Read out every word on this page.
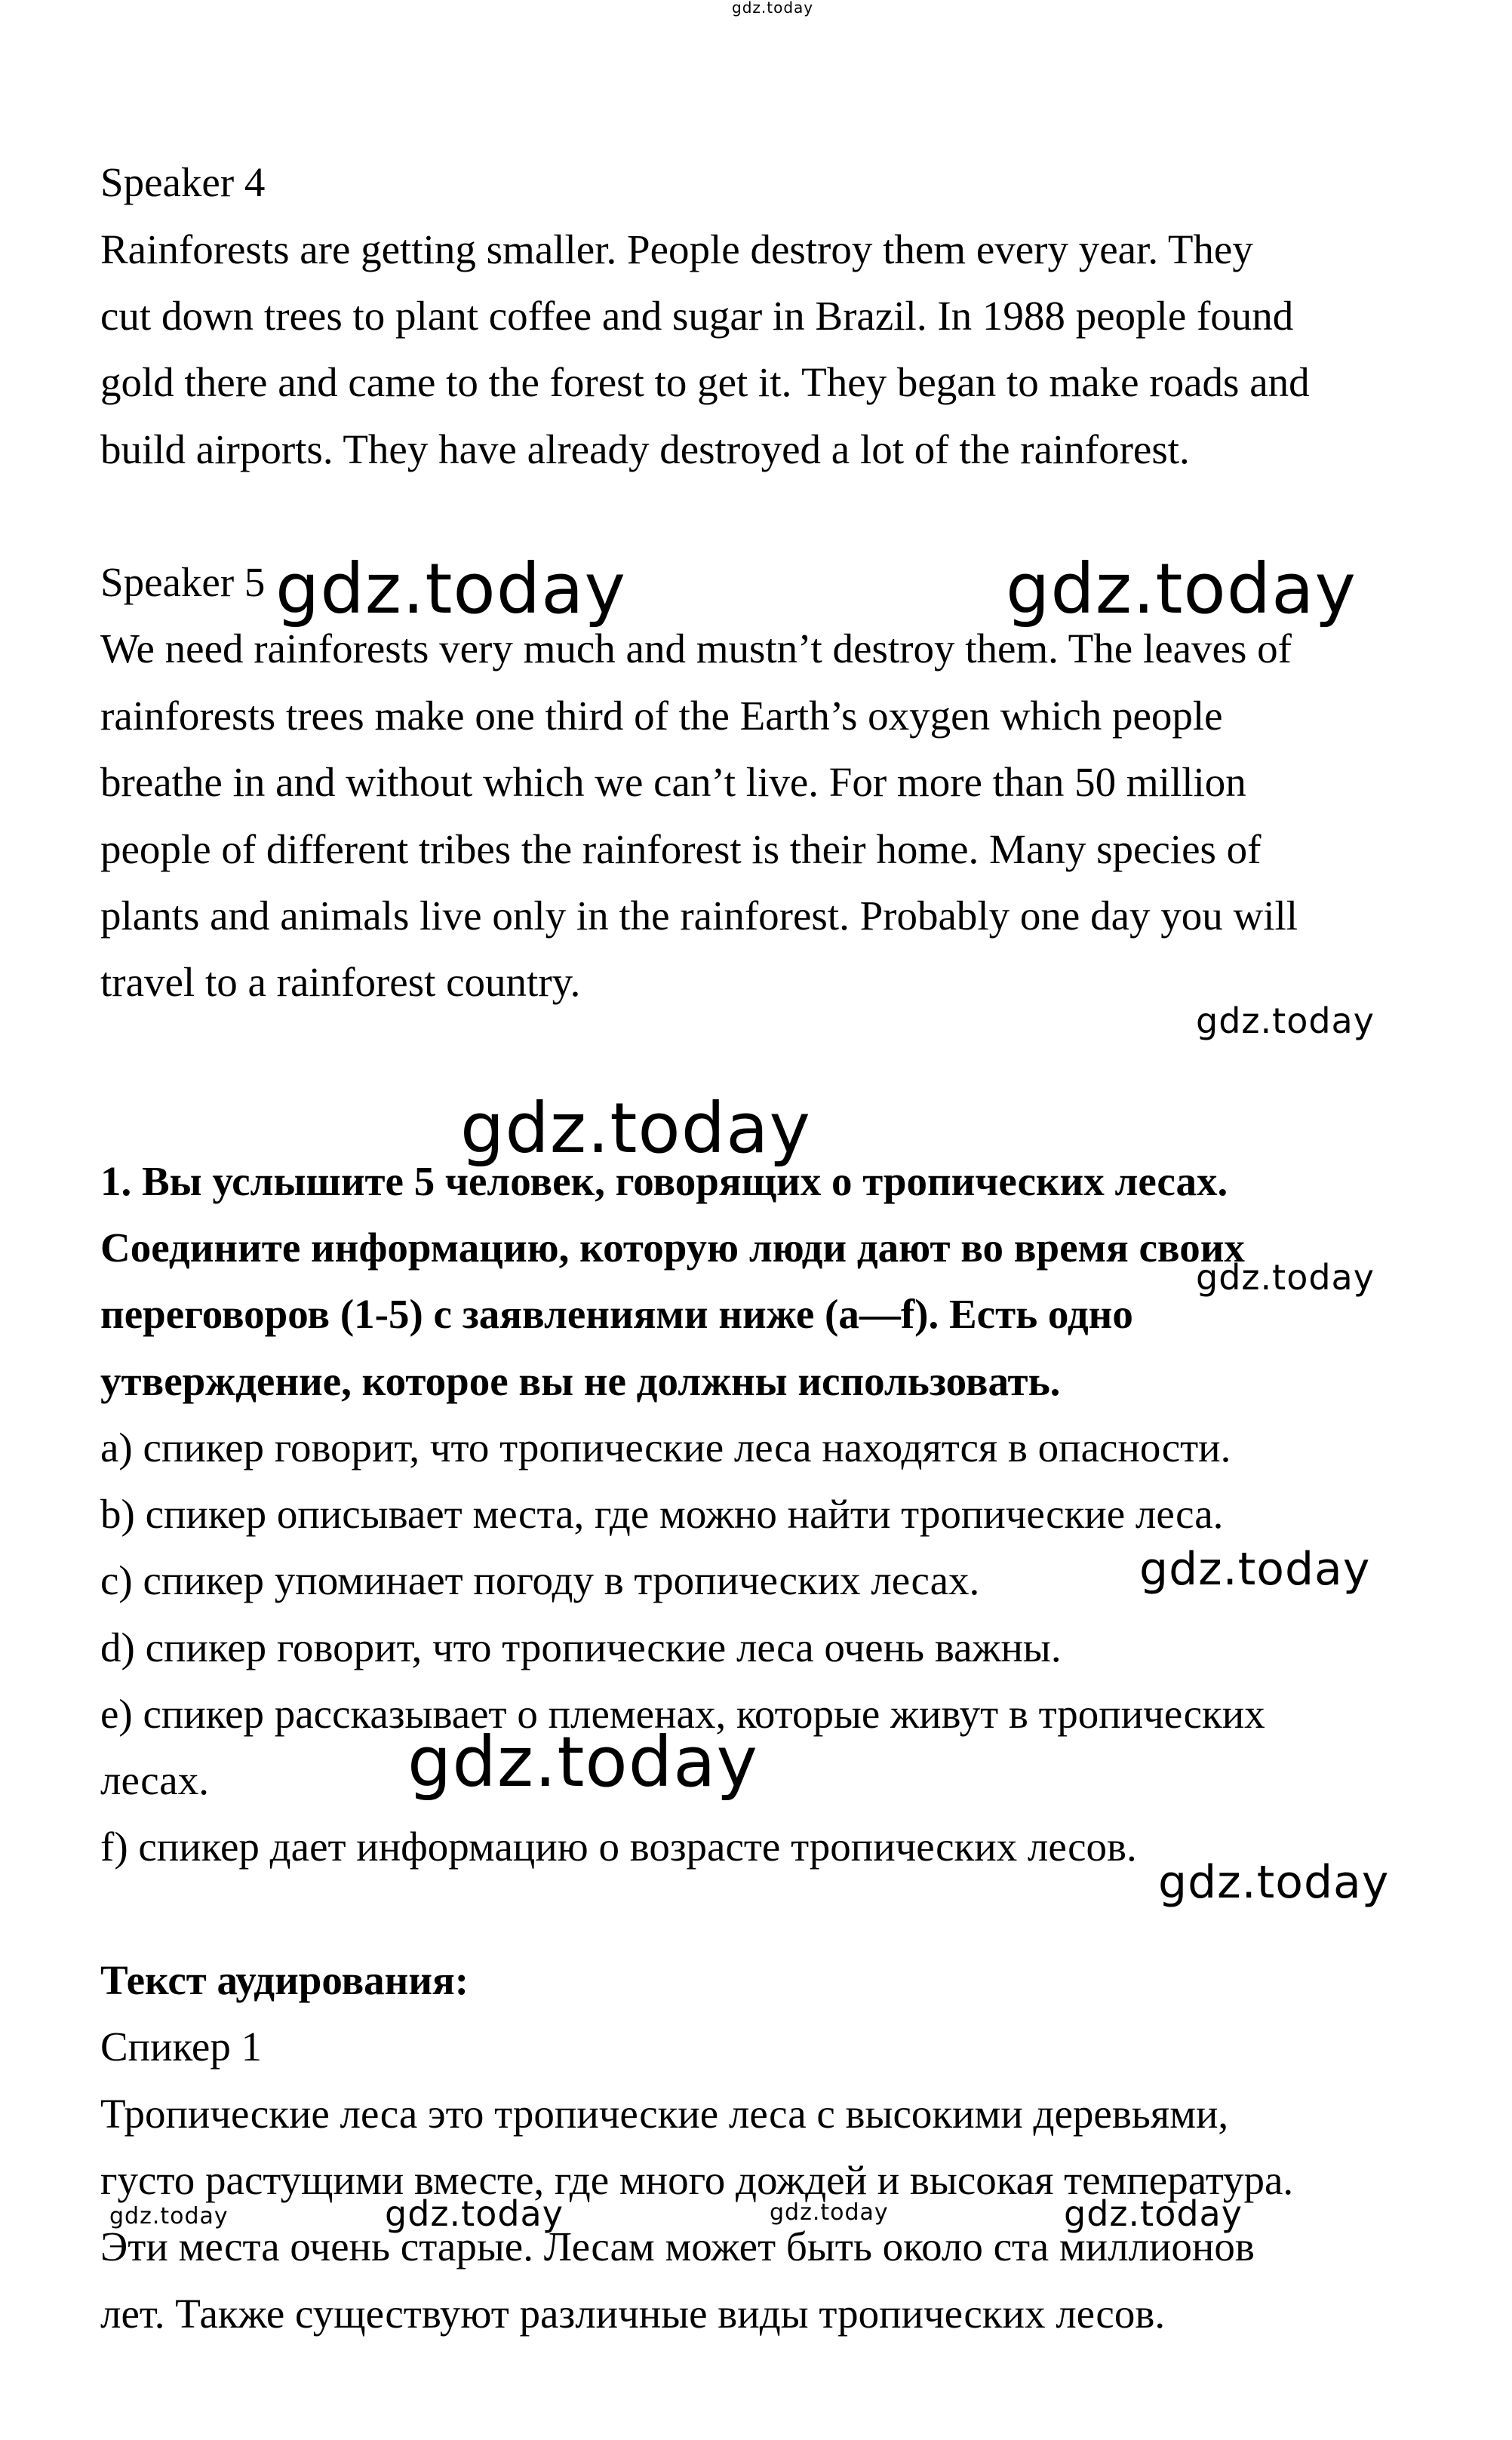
gdz.today
Speaker 4
Rainforests are getting smaller. People destroy them every year. They
cut down trees to plant coffee and sugar in Brazil. In 1988 people found
gold there and came to the forest to get it. They began to make roads and
build airports. They have already destroyed a lot of the rainforest.
Speaker 5
We need rainforests very much and mustn’t destroy them. The leaves of
rainforests trees make one third of the Earth’s oxygen which people
breathe in and without which we can’t live. For more than 50 million
people of different tribes the rainforest is their home. Many species of
plants and animals live only in the rainforest. Probably one day you will
travel to a rainforest country.
1. Вы услышите 5 человек, говорящих о тропических лесах.
Соедините информацию, которую люди дают во время своих
переговоров (1-5) с заявлениями ниже (a—f). Есть одно
утверждение, которое вы не должны использовать.
a) спикер говорит, что тропические леса находятся в опасности.
b) спикер описывает места, где можно найти тропические леса.
c) спикер упоминает погоду в тропических лесах.
d) спикер говорит, что тропические леса очень важны.
e) спикер рассказывает о племенах, которые живут в тропических
лесах.
f) спикер дает информацию о возрасте тропических лесов.
Текст аудирования:
Спикер 1
Тропические леса это тропические леса с высокими деревьями,
густо растущими вместе, где много дождей и высокая температура.
Эти места очень старые. Лесам может быть около ста миллионов
лет. Также существуют различные виды тропических лесов.
gdz.today	gdz.today
gdz.today
gdz.today
gdz.today
gdz.today
gdz.today
gdz.today
gdz.today	gdz.today	gdz.today	gdz.today
